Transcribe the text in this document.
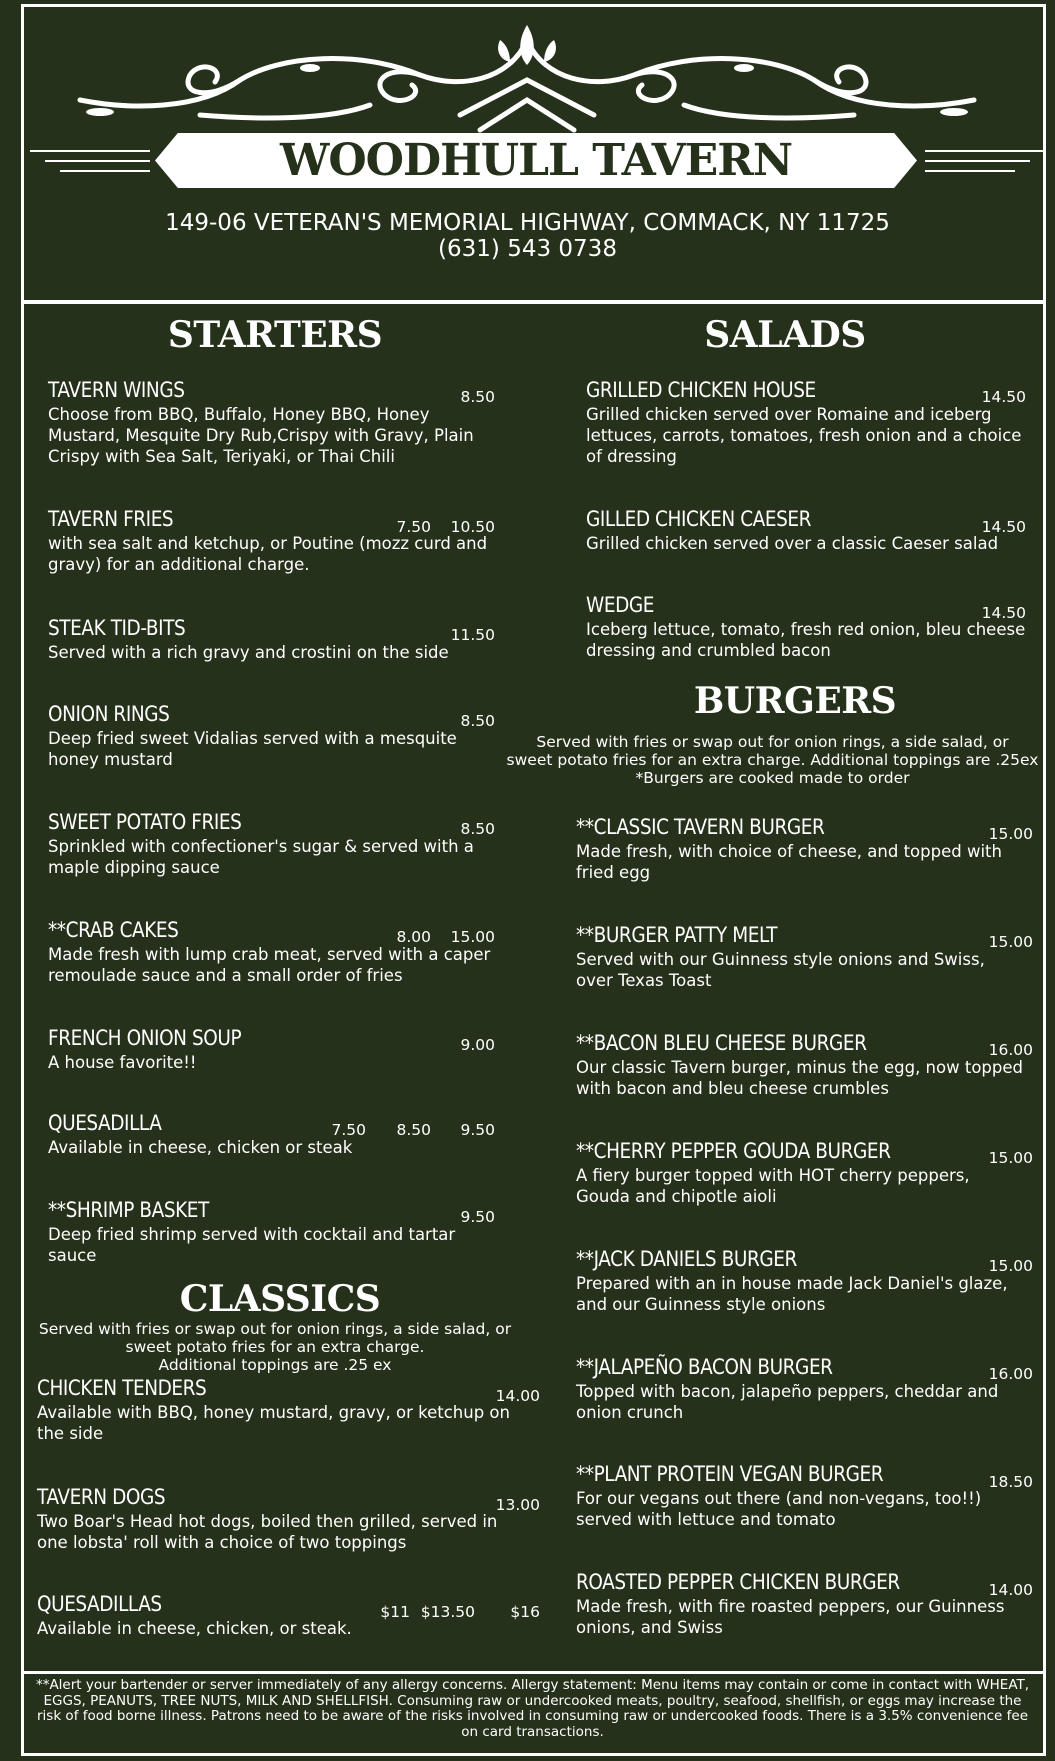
WOODHULL TAVERN
149-06 VETERAN'S MEMORIAL HIGHWAY, COMMACK, NY 11725
(631) 543 0738
STARTERS
TAVERN WINGS
Choose from BBQ, Buffalo, Honey BBQ, Honey Mustard, Mesquite Dry Rub,Crispy with Gravy, Plain Crispy with Sea Salt, Teriyaki, or Thai Chili
8.50
TAVERN FRIES
with sea salt and ketchup, or Poutine (mozz curd and gravy) for an additional charge.
7.50	10.50
STEAK TID-BITS
Served with a rich gravy and crostini on the side
11.50
ONION RINGS
Deep fried sweet Vidalias served with a mesquite honey mustard
8.50
SWEET POTATO FRIES
Sprinkled with confectioner's sugar & served with a maple dipping sauce
8.50
**CRAB CAKES
Made fresh with lump crab meat, served with a caper remoulade sauce and a small order of fries
8.00	15.00
FRENCH ONION SOUP
A house favorite!!
9.00
QUESADILLA
Available in cheese, chicken or steak
7.50	8.50	9.50
**SHRIMP BASKET
Deep fried shrimp served with cocktail and tartar sauce
9.50
CLASSICS
Served with fries or swap out for onion rings, a side salad, or
sweet potato fries for an extra charge.
Additional toppings are .25 ex
CHICKEN TENDERS
Available with BBQ, honey mustard, gravy, or ketchup on the side
14.00
TAVERN DOGS
Two Boar's Head hot dogs, boiled then grilled, served in one lobsta' roll with a choice of two toppings
13.00
QUESADILLAS
Available in cheese, chicken, or steak.
$11 $13.50	$16
SALADS
GRILLED CHICKEN HOUSE
Grilled chicken served over Romaine and iceberg lettuces, carrots, tomatoes, fresh onion and a choice of dressing
14.50
GILLED CHICKEN CAESER
Grilled chicken served over a classic Caeser salad
14.50
WEDGE
Iceberg lettuce, tomato, fresh red onion, bleu cheese dressing and crumbled bacon
14.50
BURGERS
Served with fries or swap out for onion rings, a side salad, or
sweet potato fries for an extra charge. Additional toppings are .25ex
*Burgers are cooked made to order
**CLASSIC TAVERN BURGER
Made fresh, with choice of cheese, and topped with fried egg
15.00
**BURGER PATTY MELT
Served with our Guinness style onions and Swiss, over Texas Toast
15.00
**BACON BLEU CHEESE BURGER
Our classic Tavern burger, minus the egg, now topped with bacon and bleu cheese crumbles
16.00
**CHERRY PEPPER GOUDA BURGER
A fiery burger topped with HOT cherry peppers, Gouda and chipotle aioli
15.00
**JACK DANIELS BURGER
Prepared with an in house made Jack Daniel's glaze, and our Guinness style onions
15.00
**JALAPEÑO BACON BURGER
Topped with bacon, jalapeño peppers, cheddar and onion crunch
16.00
**PLANT PROTEIN VEGAN BURGER
For our vegans out there (and non-vegans, too!!) served with lettuce and tomato
18.50
ROASTED PEPPER CHICKEN BURGER
Made fresh, with fire roasted peppers, our Guinness onions, and Swiss
14.00
**Alert your bartender or server immediately of any allergy concerns. Allergy statement: Menu items may contain or come in contact with WHEAT, EGGS, PEANUTS, TREE NUTS, MILK AND SHELLFISH. Consuming raw or undercooked meats, poultry, seafood, shellfish, or eggs may increase the risk of food borne illness. Patrons need to be aware of the risks involved in consuming raw or undercooked foods. There is a 3.5% convenience fee on card transactions.
